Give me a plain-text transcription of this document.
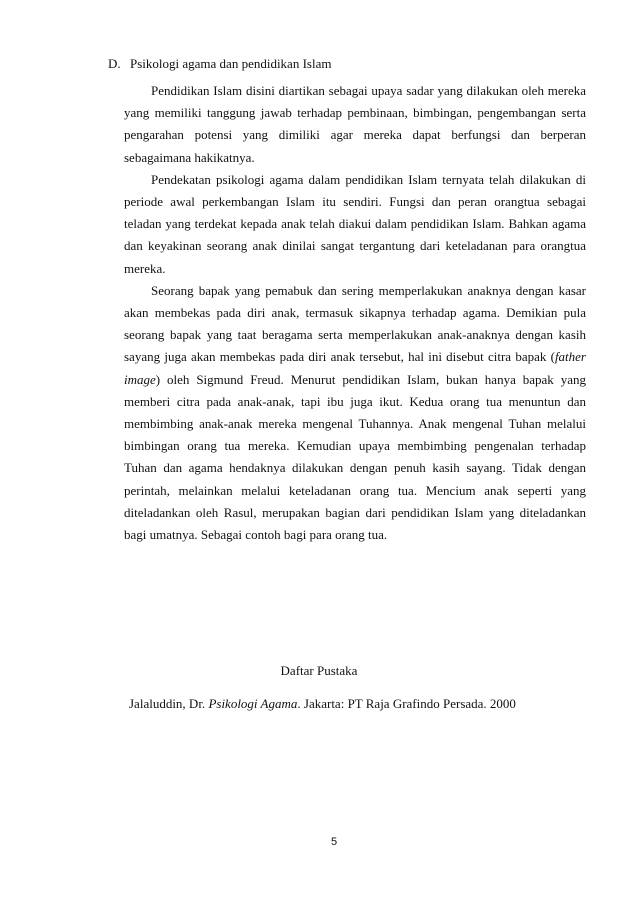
D. Psikologi agama dan pendidikan Islam

Pendidikan Islam disini diartikan sebagai upaya sadar yang dilakukan oleh mereka yang memiliki tanggung jawab terhadap pembinaan, bimbingan, pengembangan serta pengarahan potensi yang dimiliki agar mereka dapat berfungsi dan berperan sebagaimana hakikatnya.

Pendekatan psikologi agama dalam pendidikan Islam ternyata telah dilakukan di periode awal perkembangan Islam itu sendiri. Fungsi dan peran orangtua sebagai teladan yang terdekat kepada anak telah diakui dalam pendidikan Islam. Bahkan agama dan keyakinan seorang anak dinilai sangat tergantung dari keteladanan para orangtua mereka.

Seorang bapak yang pemabuk dan sering memperlakukan anaknya dengan kasar akan membekas pada diri anak, termasuk sikapnya terhadap agama. Demikian pula seorang bapak yang taat beragama serta memperlakukan anak-anaknya dengan kasih sayang juga akan membekas pada diri anak tersebut, hal ini disebut citra bapak (father image) oleh Sigmund Freud. Menurut pendidikan Islam, bukan hanya bapak yang memberi citra pada anak-anak, tapi ibu juga ikut. Kedua orang tua menuntun dan membimbing anak-anak mereka mengenal Tuhannya. Anak mengenal Tuhan melalui bimbingan orang tua mereka. Kemudian upaya membimbing pengenalan terhadap Tuhan dan agama hendaknya dilakukan dengan penuh kasih sayang. Tidak dengan perintah, melainkan melalui keteladanan orang tua. Mencium anak seperti yang diteladankan oleh Rasul, merupakan bagian dari pendidikan Islam yang diteladankan bagi umatnya. Sebagai contoh bagi para orang tua.

Daftar Pustaka
Jalaluddin, Dr. Psikologi Agama. Jakarta: PT Raja Grafindo Persada. 2000
5
